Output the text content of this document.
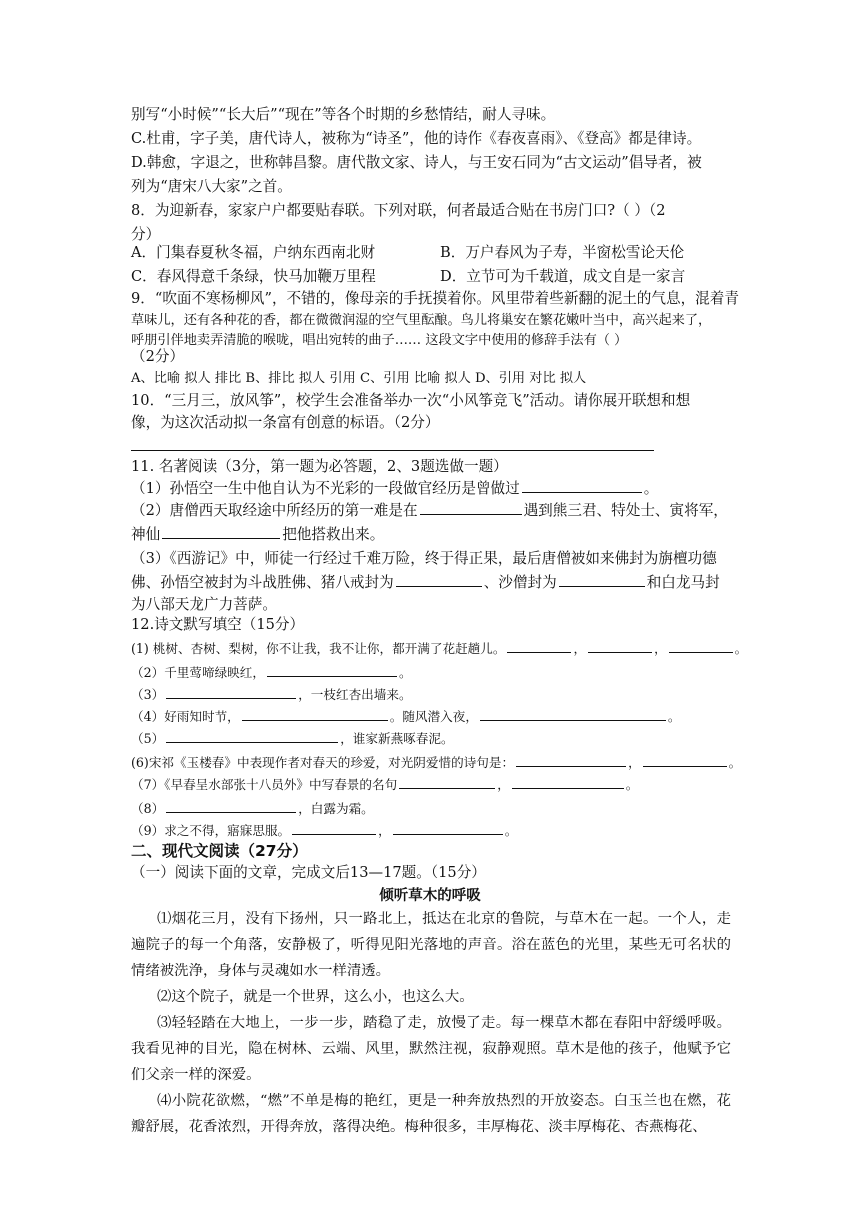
别写“小时候”“长大后”“现在”等各个时期的乡愁情结，耐人寻味。
C.杜甫，字子美，唐代诗人，被称为“诗圣”，他的诗作《春夜喜雨》、《登高》都是律诗。
D.韩愈，字退之，世称韩昌黎。唐代散文家、诗人，与王安石同为“古文运动”倡导者，被
列为“唐宋八大家”之首。
8．为迎新春，家家户户都要贴春联。下列对联，何者最适合贴在书房门口?（ ）（2
分）
A．门集春夏秋冬福，户纳东西南北财	B．万户春风为子寿，半窗松雪论天伦
C．春风得意千条绿，快马加鞭万里程	D．立节可为千载道，成文自是一家言
9．“吹面不寒杨柳风”，不错的，像母亲的手抚摸着你。风里带着些新翻的泥土的气息，混着青
草味儿，还有各种花的香，都在微微润湿的空气里酝酿。鸟儿将巢安在繁花嫩叶当中，高兴起来了，
呼朋引伴地卖弄清脆的喉咙，唱出宛转的曲子…… 这段文字中使用的修辞手法有（ ）
（2分）
A、比喻 拟人 排比 B、排比 拟人 引用 C、引用 比喻 拟人 D、引用 对比 拟人
10．“三月三，放风筝”，校学生会准备举办一次“小风筝竞飞”活动。请你展开联想和想
像，为这次活动拟一条富有创意的标语。（2分）
11. 名著阅读（3分，第一题为必答题，2、3题选做一题）
（1）孙悟空一生中他自认为不光彩的一段做官经历是曾做过	。
（2）唐僧西天取经途中所经历的第一难是在	遇到熊三君、特处士、寅将军，
神仙	把他搭救出来。
（3）《西游记》中，师徒一行经过千难万险，终于得正果，最后唐僧被如来佛封为旃檀功德
佛、孙悟空被封为斗战胜佛、猪八戒封为	、沙僧封为	和白龙马封
为八部天龙广力菩萨。
12.诗文默写填空（15分）
(1) 桃树、杏树、梨树，你不让我，我不让你，都开满了花赶趟儿。	，	，	。
（2）千里莺啼绿映红，	。
（3）	，一枝红杏出墙来。
（4）好雨知时节，	。随风潜入夜，	。
（5）	，谁家新燕啄春泥。
(6)宋祁《玉楼春》中表现作者对春天的珍爱，对光阴爱惜的诗句是：	，	。
（7）《早春呈水部张十八员外》中写春景的名句	，	。
（8）	，白露为霜。
（9）求之不得，寤寐思服。	，	。
二、现代文阅读（27分）
（一）阅读下面的文章，完成文后13—17题。（15分）
倾听草木的呼吸
⑴烟花三月，没有下扬州，只一路北上，抵达在北京的鲁院，与草木在一起。一个人，走遍院子的每一个角落，安静极了，听得见阳光落地的声音。浴在蓝色的光里，某些无可名状的情绪被洗浄，身体与灵魂如水一样清透。
⑵这个院子，就是一个世界，这么小，也这么大。
⑶轻轻踏在大地上，一步一步，踏稳了走，放慢了走。每一棵草木都在春阳中舒缓呼吸。我看见神的目光，隐在树林、云端、风里，默然注视，寂静观照。草木是他的孩子，他赋予它们父亲一样的深爱。
⑷小院花欲燃，“燃”不单是梅的艳红，更是一种奔放热烈的开放姿态。白玉兰也在燃，花瓣舒展，花香浓烈，开得奔放，落得决绝。梅种很多，丰厚梅花、淡丰厚梅花、杏燕梅花、
